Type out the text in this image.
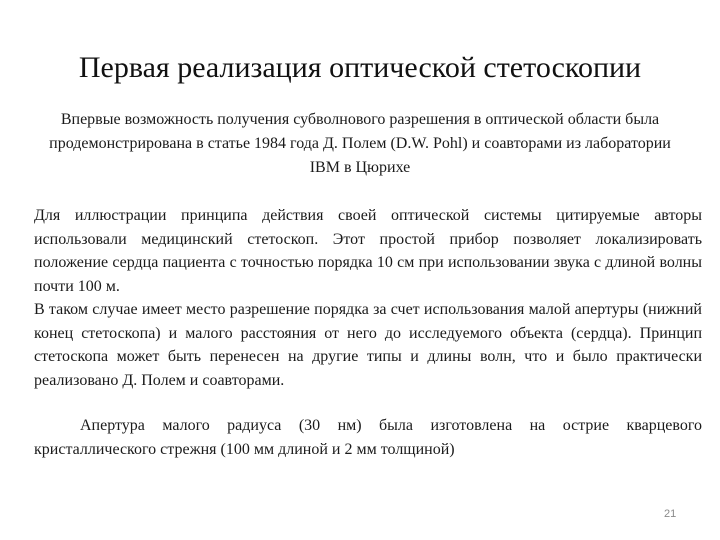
Первая реализация оптической стетоскопии
Впервые возможность получения субволнового разрешения в оптической области была продемонстрирована в статье 1984 года Д. Полем (D.W. Pohl) и соавторами из лаборатории IBM в Цюрихе
Для иллюстрации принципа действия своей оптической системы цитируемые авторы использовали медицинский стетоскоп. Этот простой прибор позволяет локализировать положение сердца пациента с точностью порядка 10 см при использовании звука с длиной волны почти 100 м.
В таком случае имеет место разрешение порядка за счет использования малой апертуры (нижний конец стетоскопа) и малого расстояния от него до исследуемого объекта (сердца). Принцип стетоскопа может быть перенесен на другие типы и длины волн, что и было практически реализовано Д. Полем и соавторами.
Апертура малого радиуса (30 нм) была изготовлена на острие кварцевого кристаллического стрежня (100 мм длиной и 2 мм толщиной)
21
